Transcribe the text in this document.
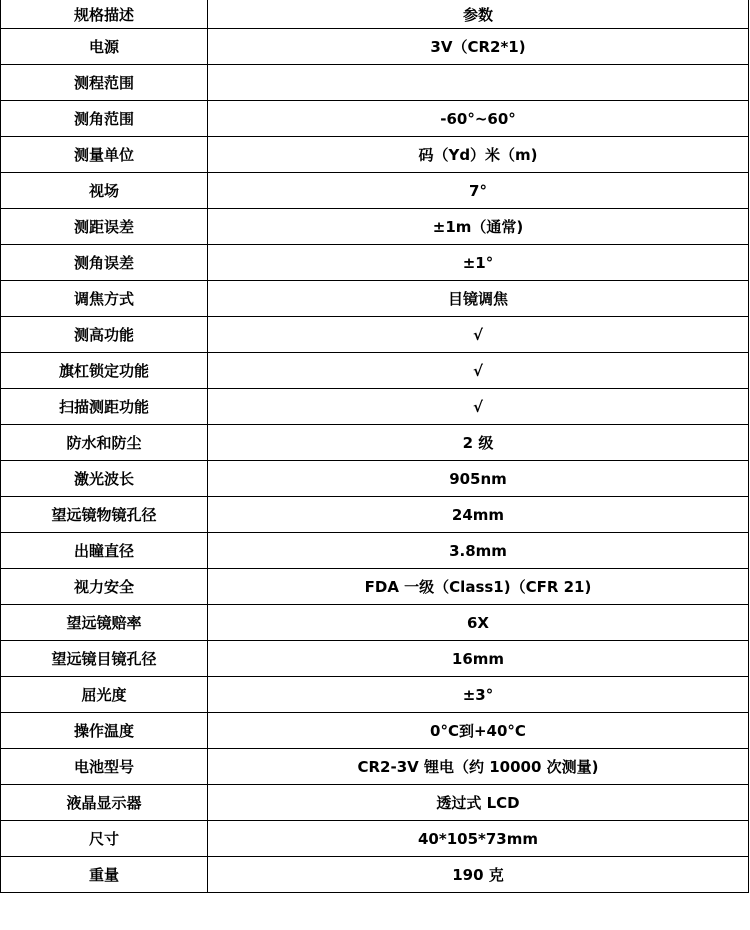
规格描述	参数
电源	3V（CR2*1)
测程范围	
测角范围	-60°~60°
测量单位	码（Yd）米（m)
视场	7°
测距误差	±1m（通常)
测角误差	±1°
调焦方式	目镜调焦
测高功能	√
旗杠锁定功能	√
扫描测距功能	√
防水和防尘	2 级
激光波长	905nm
望远镜物镜孔径	24mm
出瞳直径	3.8mm
视力安全	FDA 一级（Class1)（CFR 21)
望远镜赔率	6X
望远镜目镜孔径	16mm
屈光度	±3°
操作温度	0°C到+40°C
电池型号	CR2-3V 锂电（约 10000 次测量)
液晶显示器	透过式 LCD
尺寸	40*105*73mm
重量	190 克
